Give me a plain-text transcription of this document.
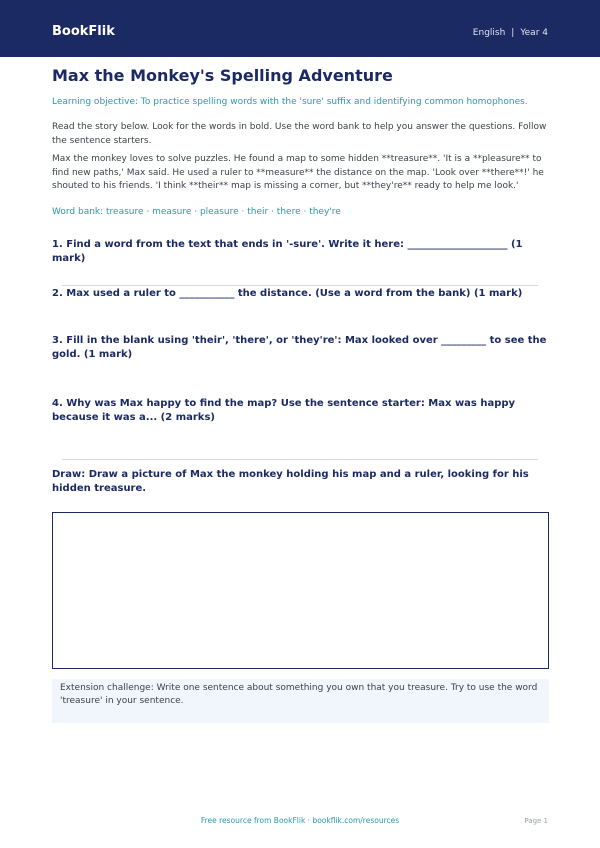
BookFlik	English | Year 4
Max the Monkey's Spelling Adventure
Learning objective: To practice spelling words with the 'sure' suffix and identifying common homophones.
Read the story below. Look for the words in bold. Use the word bank to help you answer the questions. Follow the sentence starters.
Max the monkey loves to solve puzzles. He found a map to some hidden **treasure**. 'It is a **pleasure** to find new paths,' Max said. He used a ruler to **measure** the distance on the map. 'Look over **there**!' he shouted to his friends. 'I think **their** map is missing a corner, but **they're** ready to help me look.'
Word bank: treasure · measure · pleasure · their · there · they're
1. Find a word from the text that ends in '-sure'. Write it here: ____________________ (1 mark)
2. Max used a ruler to ___________ the distance. (Use a word from the bank) (1 mark)
3. Fill in the blank using 'their', 'there', or 'they're': Max looked over _________ to see the gold. (1 mark)
4. Why was Max happy to find the map? Use the sentence starter: Max was happy because it was a... (2 marks)
Draw: Draw a picture of Max the monkey holding his map and a ruler, looking for his hidden treasure.
Extension challenge: Write one sentence about something you own that you treasure. Try to use the word 'treasure' in your sentence.
Free resource from BookFlik · bookflik.com/resources	Page 1
